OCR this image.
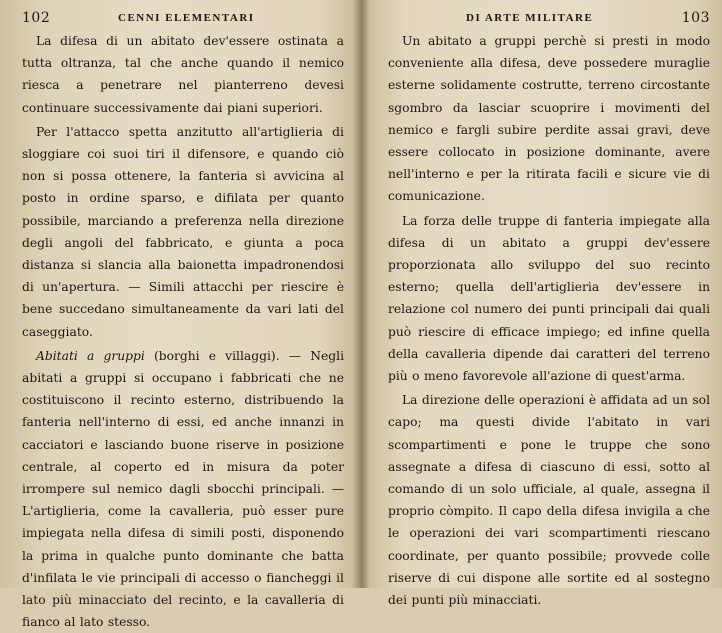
102	CENNI ELEMENTARI

La difesa di un abitato dev'essere ostinata a tutta oltranza, tal che anche quando il nemico riesca a penetrare nel pianterreno devesi continuare successivamente dai piani superiori.

Per l'attacco spetta anzitutto all'artiglieria di sloggiare coi suoi tiri il difensore, e quando ciò non si possa ottenere, la fanteria si avvicina al posto in ordine sparso, e difilata per quanto possibile, marciando a preferenza nella direzione degli angoli del fabbricato, e giunta a poca distanza si slancia alla baionetta impadronendosi di un'apertura. — Simili attacchi per riescire è bene succedano simultaneamente da vari lati del caseggiato.

Abitati a gruppi (borghi e villaggi). — Negli abitati a gruppi si occupano i fabbricati che ne costituiscono il recinto esterno, distribuendo la fanteria nell'interno di essi, ed anche innanzi in cacciatori e lasciando buone riserve in posizione centrale, al coperto ed in misura da poter irrompere sul nemico dagli sbocchi principali. — L'artiglieria, come la cavalleria, può esser pure impiegata nella difesa di simili posti, disponendo la prima in qualche punto dominante che batta d'infilata le vie principali di accesso o fiancheggi il lato più minacciato del recinto, e la cavalleria di fianco al lato stesso.

DI ARTE MILITARE	103

Un abitato a gruppi perchè si presti in modo conveniente alla difesa, deve possedere muraglie esterne solidamente costrutte, terreno circostante sgombro da lasciar scuoprire i movimenti del nemico e fargli subire perdite assai gravi, deve essere collocato in posizione dominante, avere nell'interno e per la ritirata facili e sicure vie di comunicazione.

La forza delle truppe di fanteria impiegate alla difesa di un abitato a gruppi dev'essere proporzionata allo sviluppo del suo recinto esterno; quella dell'artiglieria dev'essere in relazione col numero dei punti principali dai quali può riescire di efficace impiego; ed infine quella della cavalleria dipende dai caratteri del terreno più o meno favorevole all'azione di quest'arma.

La direzione delle operazioni è affidata ad un sol capo; ma questi divide l'abitato in vari scompartimenti e pone le truppe che sono assegnate a difesa di ciascuno di essi, sotto al comando di un solo ufficiale, al quale, assegna il proprio còmpito. Il capo della difesa invigila a che le operazioni dei vari scompartimenti riescano coordinate, per quanto possibile; provvede colle riserve di cui dispone alle sortite ed al sostegno dei punti più minacciati.
